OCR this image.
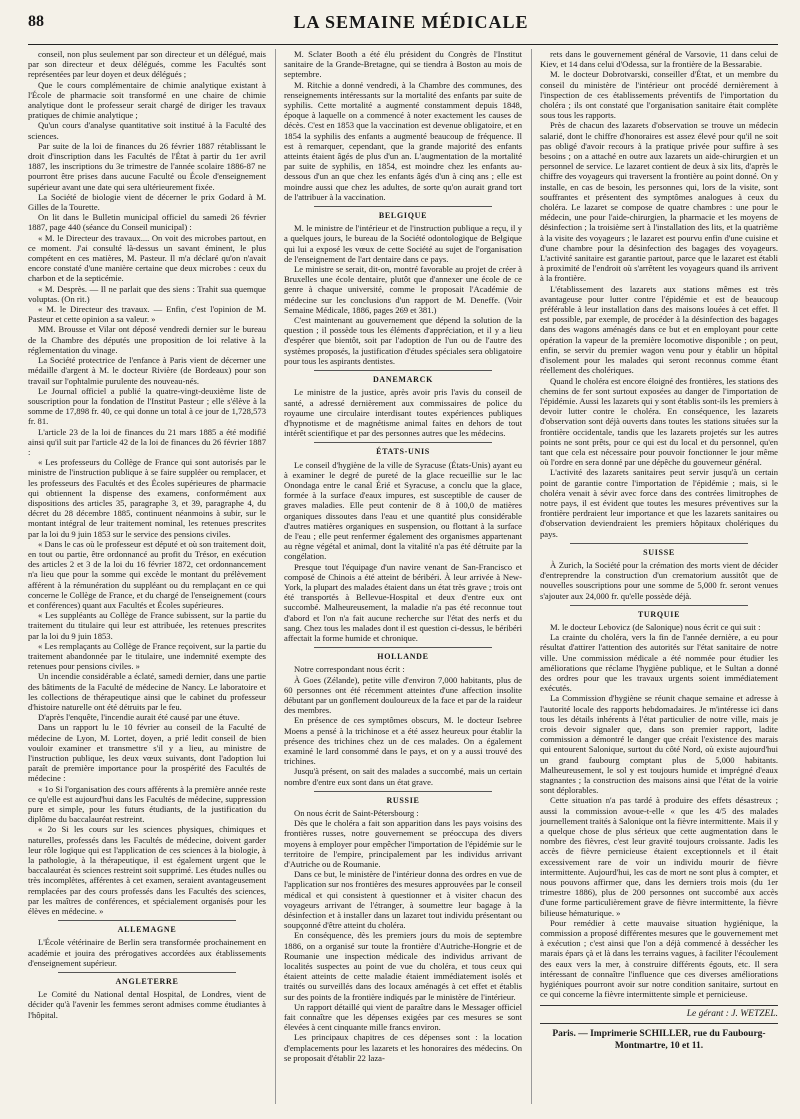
88	LA SEMAINE MÉDICALE

conseil, non plus seulement par son directeur et un délégué, mais par son directeur et deux délégués, comme les Facultés sont représentées par leur doyen et deux délégués ;

Que le cours complémentaire de chimie analytique existant à l'École de pharmacie soit transformé en une chaire de chimie analytique dont le professeur serait chargé de diriger les travaux pratiques de chimie analytique ;

Qu'un cours d'analyse quantitative soit institué à la Faculté des sciences.

Par suite de la loi de finances du 26 février 1887 rétablissant le droit d'inscription dans les Facultés de l'État à partir du 1er avril 1887, les inscriptions du 3e trimestre de l'année scolaire 1886-87 ne pourront être prises dans aucune Faculté ou École d'enseignement supérieur avant une date qui sera ultérieurement fixée.

La Société de biologie vient de décerner le prix Godard à M. Gilles de la Tourette.

On lit dans le Bulletin municipal officiel du samedi 26 février 1887, page 440 (séance du Conseil municipal) :

« M. le Directeur des travaux.... On voit des microbes partout, en ce moment. J'ai consulté là-dessus un savant éminent, le plus compétent en ces matières, M. Pasteur. Il m'a déclaré qu'on n'avait encore constaté d'une manière certaine que deux microbes : ceux du charbon et de la septicémie.

« M. Desprès. — Il ne parlait que des siens : Trahit sua quemque voluptas. (On rit.)

« M. le Directeur des travaux. — Enfin, c'est l'opinion de M. Pasteur et cette opinion a sa valeur. »

MM. Brousse et Vilar ont déposé vendredi dernier sur le bureau de la Chambre des députés une proposition de loi relative à la réglementation du vinage.

La Société protectrice de l'enfance à Paris vient de décerner une médaille d'argent à M. le docteur Rivière (de Bordeaux) pour son travail sur l'ophtalmie purulente des nouveau-nés.

Le Journal officiel a publié la quatre-vingt-deuxième liste de souscription pour la fondation de l'Institut Pasteur ; elle s'élève à la somme de 17,898 fr. 40, ce qui donne un total à ce jour de 1,728,573 fr. 81.

L'article 23 de la loi de finances du 21 mars 1885 a été modifié ainsi qu'il suit par l'article 42 de la loi de finances du 26 février 1887 :

« Les professeurs du Collège de France qui sont autorisés par le ministre de l'instruction publique à se faire suppléer ou remplacer, et les professeurs des Facultés et des Écoles supérieures de pharmacie qui obtiennent la dispense des examens, conformément aux dispositions des articles 35, paragraphe 3, et 39, paragraphe 4, du décret du 28 décembre 1885, continuent néanmoins à subir, sur le montant intégral de leur traitement nominal, les retenues prescrites par la loi du 9 juin 1853 sur le service des pensions civiles.

« Dans le cas où le professeur est député et où son traitement doit, en tout ou partie, être ordonnancé au profit du Trésor, en exécution des articles 2 et 3 de la loi du 16 février 1872, cet ordonnancement n'a lieu que pour la somme qui excède le montant du prélèvement afférent à la rémunération du suppléant ou du remplaçant en ce qui concerne le Collège de France, et du chargé de l'enseignement (cours et conférences) quant aux Facultés et Écoles supérieures.

« Les suppléants au Collège de France subissent, sur la partie du traitement du titulaire qui leur est attribuée, les retenues prescrites par la loi du 9 juin 1853.

« Les remplaçants au Collège de France reçoivent, sur la partie du traitement abandonnée par le titulaire, une indemnité exempte des retenues pour pensions civiles. »

Un incendie considérable a éclaté, samedi dernier, dans une partie des bâtiments de la Faculté de médecine de Nancy. Le laboratoire et les collections de thérapeutique ainsi que le cabinet du professeur d'histoire naturelle ont été détruits par le feu.

D'après l'enquête, l'incendie aurait été causé par une étuve.

Dans un rapport lu le 10 février au conseil de la Faculté de médecine de Lyon, M. Lortet, doyen, a prié ledit conseil de bien vouloir examiner et transmettre s'il y a lieu, au ministre de l'instruction publique, les deux vœux suivants, dont l'adoption lui paraît de première importance pour la prospérité des Facultés de médecine :

« 1o Si l'organisation des cours afférents à la première année reste ce qu'elle est aujourd'hui dans les Facultés de médecine, suppression pure et simple, pour les futurs étudiants, de la justification du diplôme du baccalauréat restreint.

« 2o Si les cours sur les sciences physiques, chimiques et naturelles, professés dans les Facultés de médecine, doivent garder leur rôle logique qui est l'application de ces sciences à la biologie, à la pathologie, à la thérapeutique, il est également urgent que le baccalauréat ès sciences restreint soit supprimé. Les études nulles ou très incomplètes, afférentes à cet examen, seraient avantageusement remplacées par des cours professés dans les Facultés des sciences, par les maîtres de conférences, et spécialement organisés pour les élèves en médecine. »

ALLEMAGNE

L'École vétérinaire de Berlin sera transformée prochainement en académie et jouira des prérogatives accordées aux établissements d'enseignement supérieur.

ANGLETERRE

Le Comité du National dental Hospital, de Londres, vient de décider qu'à l'avenir les femmes seront admises comme étudiantes à l'hôpital.

M. Sclater Booth a été élu président du Congrès de l'Institut sanitaire de la Grande-Bretagne, qui se tiendra à Boston au mois de septembre.

M. Ritchie a donné vendredi, à la Chambre des communes, des renseignements intéressants sur la mortalité des enfants par suite de syphilis. Cette mortalité a augmenté constamment depuis 1848, époque à laquelle on a commencé à noter exactement les causes de décès. C'est en 1853 que la vaccination est devenue obligatoire, et en 1854 la syphilis des enfants a augmenté beaucoup de fréquence. Il est à remarquer, cependant, que la grande majorité des enfants atteints étaient âgés de plus d'un an. L'augmentation de la mortalité par suite de syphilis, en 1854, est moindre chez les enfants au-dessous d'un an que chez les enfants âgés d'un à cinq ans ; elle est moindre aussi que chez les adultes, de sorte qu'on aurait grand tort de l'attribuer à la vaccination.

BELGIQUE

M. le ministre de l'intérieur et de l'instruction publique a reçu, il y a quelques jours, le bureau de la Société odontologique de Belgique qui lui a exposé les vœux de cette Société au sujet de l'organisation de l'enseignement de l'art dentaire dans ce pays.

Le ministre se serait, dit-on, montré favorable au projet de créer à Bruxelles une école dentaire, plutôt que d'annexer une école de ce genre à chaque université, comme le proposait l'Académie de médecine sur les conclusions d'un rapport de M. Deneffe. (Voir Semaine Médicale, 1886, pages 269 et 381.)

C'est maintenant au gouvernement que dépend la solution de la question ; il possède tous les éléments d'appréciation, et il y a lieu d'espérer que bientôt, soit par l'adoption de l'un ou de l'autre des systèmes proposés, la justification d'études spéciales sera obligatoire pour tous les aspirants dentistes.

DANEMARCK

Le ministre de la justice, après avoir pris l'avis du conseil de santé, a adressé dernièrement aux commissaires de police du royaume une circulaire interdisant toutes expériences publiques d'hypnotisme et de magnétisme animal faites en dehors de tout intérêt scientifique et par des personnes autres que les médecins.

ÉTATS-UNIS

Le conseil d'hygiène de la ville de Syracuse (États-Unis) ayant eu à examiner le degré de pureté de la glace recueillie sur le lac Onondaga entre le canal Érié et Syracuse, a conclu que la glace, formée à la surface d'eaux impures, est susceptible de causer de graves maladies. Elle peut contenir de 8 à 100,0 de matières organiques dissoutes dans l'eau et une quantité plus considérable d'autres matières organiques en suspension, ou flottant à la surface de l'eau ; elle peut renfermer également des organismes appartenant au règne végétal et animal, dont la vitalité n'a pas été détruite par la congélation.

Presque tout l'équipage d'un navire venant de San-Francisco et composé de Chinois a été atteint de béribéri. À leur arrivée à New-York, la plupart des malades étaient dans un état très grave ; trois ont été transportés à Bellevue-Hospital et deux d'entre eux ont succombé. Malheureusement, la maladie n'a pas été reconnue tout d'abord et l'on n'a fait aucune recherche sur l'état des nerfs et du sang. Chez tous les malades dont il est question ci-dessus, le béribéri affectait la forme humide et chronique.

HOLLANDE

Notre correspondant nous écrit :

À Goes (Zélande), petite ville d'environ 7,000 habitants, plus de 60 personnes ont été récemment atteintes d'une affection insolite débutant par un gonflement douloureux de la face et par de la raideur des membres.

En présence de ces symptômes obscurs, M. le docteur Isebree Moens a pensé à la trichinose et a été assez heureux pour établir la présence des trichines chez un de ces malades. On a également examiné le lard consommé dans le pays, et on y a aussi trouvé des trichines.

Jusqu'à présent, on sait des malades a succombé, mais un certain nombre d'entre eux sont dans un état grave.

RUSSIE

On nous écrit de Saint-Pétersbourg :

Dès que le choléra a fait son apparition dans les pays voisins des frontières russes, notre gouvernement se préoccupa des divers moyens à employer pour empêcher l'importation de l'épidémie sur le territoire de l'empire, principalement par les individus arrivant d'Autriche ou de Roumanie.

Dans ce but, le ministère de l'intérieur donna des ordres en vue de l'application sur nos frontières des mesures approuvées par le conseil médical et qui consistent à questionner et à visiter chacun des voyageurs arrivant de l'étranger, à soumettre leur bagage à la désinfection et à installer dans un lazaret tout individu présentant ou soupçonné d'être atteint du choléra.

En conséquence, dès les premiers jours du mois de septembre 1886, on a organisé sur toute la frontière d'Autriche-Hongrie et de Roumanie une inspection médicale des individus arrivant de localités suspectes au point de vue du choléra, et tous ceux qui étaient atteints de cette maladie étaient immédiatement isolés et traités ou surveillés dans des locaux aménagés à cet effet et établis sur des points de la frontière indiqués par le ministère de l'intérieur.

Un rapport détaillé qui vient de paraître dans le Messager officiel fait connaître que les dépenses exigées par ces mesures se sont élevées à cent cinquante mille francs environ.

Les principaux chapitres de ces dépenses sont : la location d'emplacements pour les lazarets et les honoraires des médecins. On se proposait d'établir 22 laza-

rets dans le gouvernement général de Varsovie, 11 dans celui de Kiev, et 14 dans celui d'Odessa, sur la frontière de la Bessarabie.

M. le docteur Dobrotvarski, conseiller d'État, et un membre du conseil du ministère de l'intérieur ont procédé dernièrement à l'inspection de ces établissements préventifs de l'importation du choléra ; ils ont constaté que l'organisation sanitaire était complète sous tous les rapports.

Près de chacun des lazarets d'observation se trouve un médecin salarié, dont le chiffre d'honoraires est assez élevé pour qu'il ne soit pas obligé d'avoir recours à la pratique privée pour suffire à ses besoins ; on a attaché en outre aux lazarets un aide-chirurgien et un personnel de service. Le lazaret contient de deux à six lits, d'après le chiffre des voyageurs qui traversent la frontière au point donné. On y installe, en cas de besoin, les personnes qui, lors de la visite, sont souffrantes et présentent des symptômes analogues à ceux du choléra. Le lazaret se compose de quatre chambres : une pour le médecin, une pour l'aide-chirurgien, la pharmacie et les moyens de désinfection ; la troisième sert à l'installation des lits, et la quatrième à la visite des voyageurs ; le lazaret est pourvu enfin d'une cuisine et d'une chambre pour la désinfection des bagages des voyageurs. L'activité sanitaire est garantie partout, parce que le lazaret est établi à proximité de l'endroit où s'arrêtent les voyageurs quand ils arrivent à la frontière.

L'établissement des lazarets aux stations mêmes est très avantageuse pour lutter contre l'épidémie et est de beaucoup préférable à leur installation dans des maisons louées à cet effet. Il est possible, par exemple, de procéder à la désinfection des bagages dans des wagons aménagés dans ce but et en employant pour cette opération la vapeur de la première locomotive disponible ; on peut, enfin, se servir du premier wagon venu pour y établir un hôpital d'isolement pour les malades qui seront reconnus comme étant réellement des cholériques.

Quand le choléra est encore éloigné des frontières, les stations des chemins de fer sont surtout exposées au danger de l'importation de l'épidémie. Aussi les lazarets qui y sont établis sont-ils les premiers à devoir lutter contre le choléra. En conséquence, les lazarets d'observation sont déjà ouverts dans toutes les stations situées sur la frontière occidentale, tandis que les lazarets projetés sur les autres points ne sont prêts, pour ce qui est du local et du personnel, qu'en tant que cela est nécessaire pour pouvoir fonctionner le jour même où l'ordre en sera donné par une dépêche du gouverneur général.

L'activité des lazarets sanitaires peut servir jusqu'à un certain point de garantie contre l'importation de l'épidémie ; mais, si le choléra venait à sévir avec force dans des contrées limitrophes de notre pays, il est évident que toutes les mesures préventives sur la frontière perdraient leur importance et que les lazarets sanitaires ou d'observation deviendraient les premiers hôpitaux cholériques du pays.

SUISSE

À Zurich, la Société pour la crémation des morts vient de décider d'entreprendre la construction d'un crematorium aussitôt que de nouvelles souscriptions pour une somme de 5,000 fr. seront venues s'ajouter aux 24,000 fr. qu'elle possède déjà.

TURQUIE

M. le docteur Lebovicz (de Salonique) nous écrit ce qui suit :

La crainte du choléra, vers la fin de l'année dernière, a eu pour résultat d'attirer l'attention des autorités sur l'état sanitaire de notre ville. Une commission médicale a été nommée pour étudier les améliorations que réclame l'hygiène publique, et le Sultan a donné des ordres pour que les travaux urgents soient immédiatement exécutés.

La Commission d'hygiène se réunit chaque semaine et adresse à l'autorité locale des rapports hebdomadaires. Je m'intéresse ici dans tous les détails inhérents à l'état particulier de notre ville, mais je crois devoir signaler que, dans son premier rapport, ladite commission a démontré le danger que créait l'existence des marais qui entourent Salonique, surtout du côté Nord, où existe aujourd'hui un grand faubourg comptant plus de 5,000 habitants. Malheureusement, le sol y est toujours humide et imprégné d'eaux stagnantes ; la construction des maisons ainsi que l'état de la voirie sont déplorables.

Cette situation n'a pas tardé à produire des effets désastreux ; aussi la commission avoue-t-elle « que les 4/5 des malades journellement traités à Salonique ont la fièvre intermittente. Mais il y a quelque chose de plus sérieux que cette augmentation dans le nombre des fièvres, c'est leur gravité toujours croissante. Jadis les accès de fièvre pernicieuse étaient exceptionnels et il était excessivement rare de voir un individu mourir de fièvre intermittente. Aujourd'hui, les cas de mort ne sont plus à compter, et nous pouvons affirmer que, dans les derniers trois mois (du 1er trimestre 1886), plus de 200 personnes ont succombé aux accès d'une forme particulièrement grave de fièvre intermittente, la fièvre bilieuse hématurique. »

Pour remédier à cette mauvaise situation hygiénique, la commission a proposé différentes mesures que le gouvernement met à exécution ; c'est ainsi que l'on a déjà commencé à dessécher les marais épars çà et là dans les terrains vagues, à faciliter l'écoulement des eaux vers la mer, à construire différents égouts, etc. Il sera intéressant de connaître l'influence que ces diverses améliorations hygiéniques pourront avoir sur notre condition sanitaire, surtout en ce qui concerne la fièvre intermittente simple et pernicieuse.

Le gérant : J. WETZEL.
Paris. — Imprimerie SCHILLER, rue du Faubourg-
Montmartre, 10 et 11.
